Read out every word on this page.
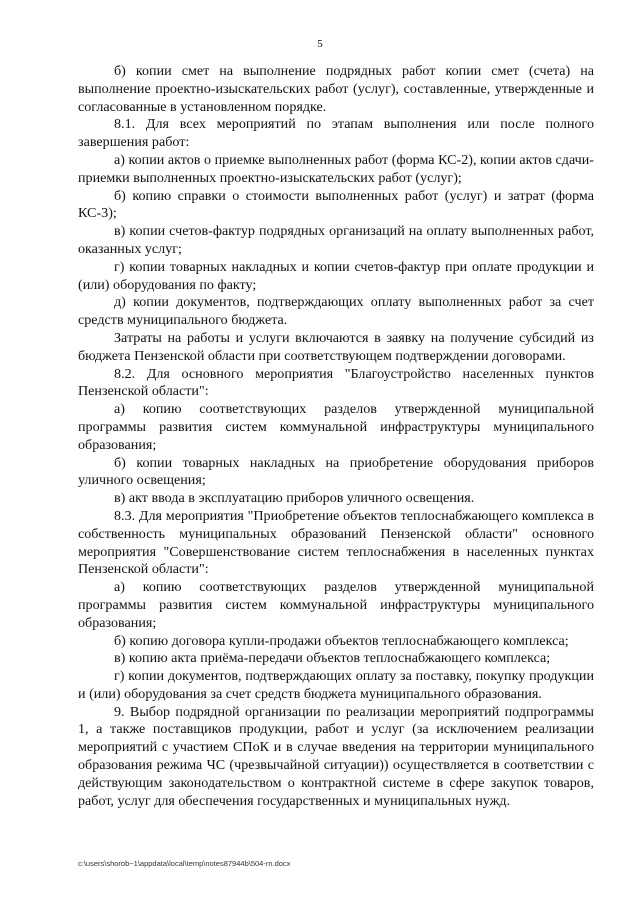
5

б) копии смет на выполнение подрядных работ копии смет (счета) на выполнение проектно-изыскательских работ (услуг), составленные, утвержденные и согласованные в установленном порядке.

8.1. Для всех мероприятий по этапам выполнения или после полного завершения работ:

а) копии актов о приемке выполненных работ (форма КС-2), копии актов сдачи-приемки выполненных проектно-изыскательских работ (услуг);

б) копию справки о стоимости выполненных работ (услуг) и затрат (форма КС-3);

в) копии счетов-фактур подрядных организаций на оплату выполненных работ, оказанных услуг;

г) копии товарных накладных и копии счетов-фактур при оплате продукции и (или) оборудования по факту;

д) копии документов, подтверждающих оплату выполненных работ за счет средств муниципального бюджета.

Затраты на работы и услуги включаются в заявку на получение субсидий из бюджета Пензенской области при соответствующем подтверждении договорами.

8.2. Для основного мероприятия "Благоустройство населенных пунктов Пензенской области":

а) копию соответствующих разделов утвержденной муниципальной программы развития систем коммунальной инфраструктуры муниципального образования;

б) копии товарных накладных на приобретение оборудования приборов уличного освещения;

в) акт ввода в эксплуатацию приборов уличного освещения.

8.3. Для мероприятия "Приобретение объектов теплоснабжающего комплекса в собственность муниципальных образований Пензенской области" основного мероприятия "Совершенствование систем теплоснабжения в населенных пунктах Пензенской области":

а) копию соответствующих разделов утвержденной муниципальной программы развития систем коммунальной инфраструктуры муниципального образования;

б) копию договора купли-продажи объектов теплоснабжающего комплекса;

в) копию акта приёма-передачи объектов теплоснабжающего комплекса;

г) копии документов, подтверждающих оплату за поставку, покупку продукции и (или) оборудования за счет средств бюджета муниципального образования.

9. Выбор подрядной организации по реализации мероприятий подпрограммы 1, а также поставщиков продукции, работ и услуг (за исключением реализации мероприятий с участием СПоК и в случае введения на территории муниципального образования режима ЧС (чрезвычайной ситуации)) осуществляется в соответствии с действующим законодательством о контрактной системе в сфере закупок товаров, работ, услуг для обеспечения государственных и муниципальных нужд.

c:\users\shorob~1\appdata\local\temp\notes87944b\504-rn.docx
